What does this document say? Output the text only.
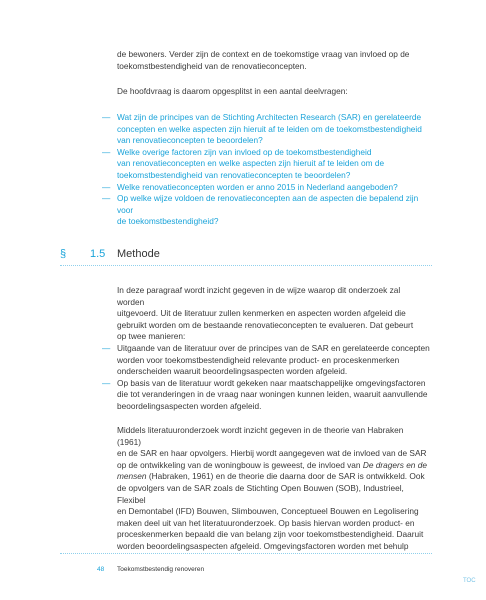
de bewoners. Verder zijn de context en de toekomstige vraag van invloed op de
toekomstbestendigheid van de renovatieconcepten.

De hoofdvraag is daarom opgesplitst in een aantal deelvragen:

— Wat zijn de principes van de Stichting Architecten Research (SAR) en gerelateerde
concepten en welke aspecten zijn hieruit af te leiden om de toekomstbestendigheid
van renovatieconcepten te beoordelen?
— Welke overige factoren zijn van invloed op de toekomstbestendigheid
van renovatieconcepten en welke aspecten zijn hieruit af te leiden om de
toekomstbestendigheid van renovatieconcepten te beoordelen?
— Welke renovatieconcepten worden er anno 2015 in Nederland aangeboden?
— Op welke wijze voldoen de renovatieconcepten aan de aspecten die bepalend zijn voor
de toekomstbestendigheid?
§ 1.5 Methode

In deze paragraaf wordt inzicht gegeven in de wijze waarop dit onderzoek zal worden
uitgevoerd. Uit de literatuur zullen kenmerken en aspecten worden afgeleid die
gebruikt worden om de bestaande renovatieconcepten te evalueren. Dat gebeurt
op twee manieren:

— Uitgaande van de literatuur over de principes van de SAR en gerelateerde concepten
worden voor toekomstbestendigheid relevante product- en proceskenmerken
onderscheiden waaruit beoordelingsaspecten worden afgeleid.
— Op basis van de literatuur wordt gekeken naar maatschappelijke omgevingsfactoren
die tot veranderingen in de vraag naar woningen kunnen leiden, waaruit aanvullende
beoordelingsaspecten worden afgeleid.

Middels literatuuronderzoek wordt inzicht gegeven in de theorie van Habraken (1961)
en de SAR en haar opvolgers. Hierbij wordt aangegeven wat de invloed van de SAR
op de ontwikkeling van de woningbouw is geweest, de invloed van De dragers en de
mensen (Habraken, 1961) en de theorie die daarna door de SAR is ontwikkeld. Ook
de opvolgers van de SAR zoals de Stichting Open Bouwen (SOB), Industrieel, Flexibel
en Demontabel (IFD) Bouwen, Slimbouwen, Conceptueel Bouwen en Legolisering
maken deel uit van het literatuuronderzoek. Op basis hiervan worden product- en
proceskenmerken bepaald die van belang zijn voor toekomstbestendigheid. Daaruit
worden beoordelingsaspecten afgeleid. Omgevingsfactoren worden met behulp

48 Toekomstbestendig renoveren
TOC
